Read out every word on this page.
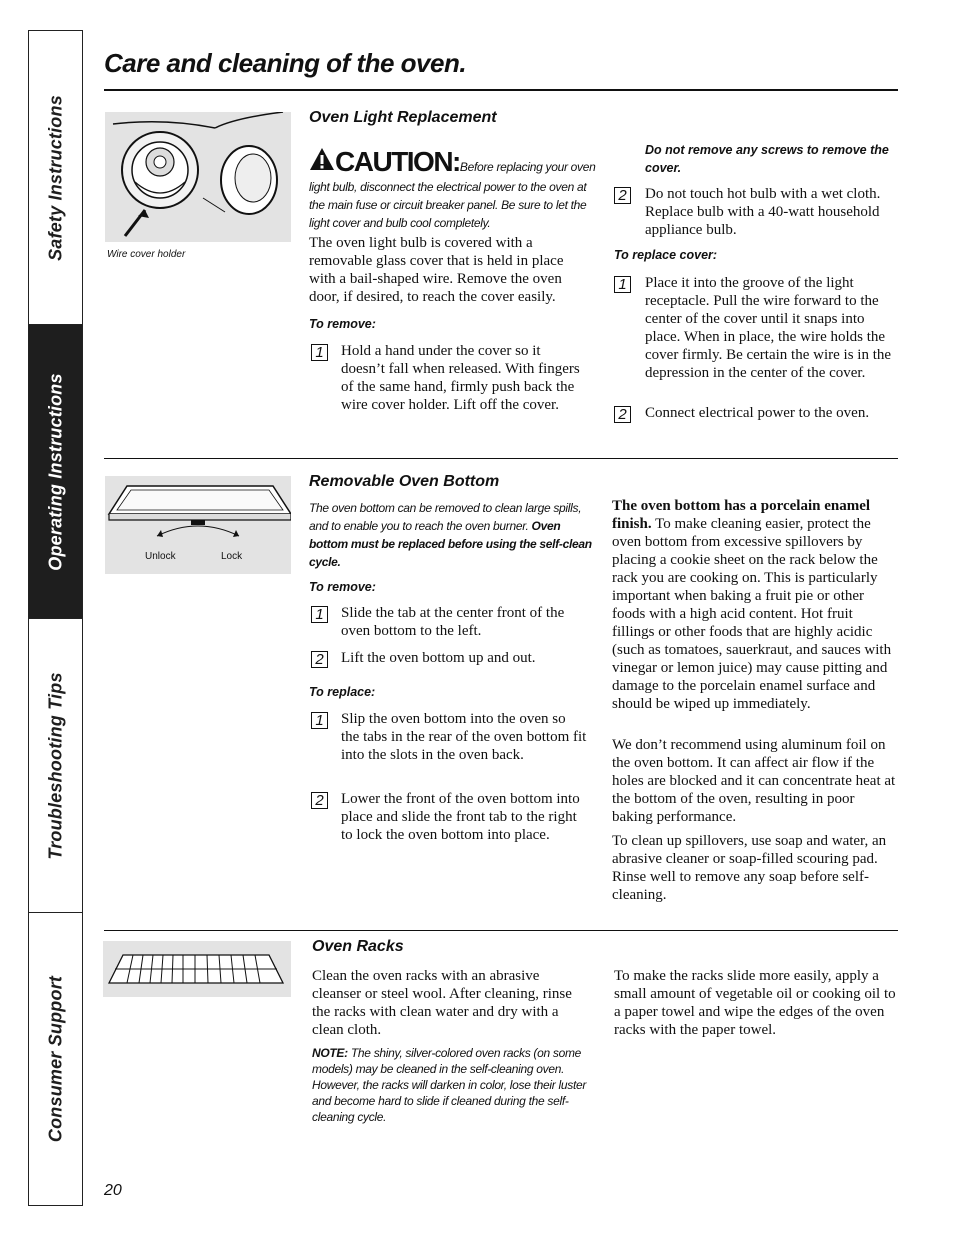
Safety Instructions
Operating Instructions
Troubleshooting Tips
Consumer Support
Care and cleaning of the oven.
Wire cover holder
Oven Light Replacement
CAUTION:Before replacing your oven light bulb, disconnect the electrical power to the oven at the main fuse or circuit breaker panel. Be sure to let the light cover and bulb cool completely.
The oven light bulb is covered with a removable glass cover that is held in place with a bail-shaped wire. Remove the oven door, if desired, to reach the cover easily.
To remove:
1 Hold a hand under the cover so it doesn’t fall when released. With fingers of the same hand, firmly push back the wire cover holder. Lift off the cover.
Do not remove any screws to remove the cover.
2 Do not touch hot bulb with a wet cloth. Replace bulb with a 40-watt household appliance bulb.
To replace cover:
1 Place it into the groove of the light receptacle. Pull the wire forward to the center of the cover until it snaps into place. When in place, the wire holds the cover firmly. Be certain the wire is in the depression in the center of the cover.
2 Connect electrical power to the oven.
Unlock	Lock
Removable Oven Bottom
The oven bottom can be removed to clean large spills, and to enable you to reach the oven burner. Oven bottom must be replaced before using the self-clean cycle.
To remove:
1 Slide the tab at the center front of the oven bottom to the left.
2 Lift the oven bottom up and out.
To replace:
1 Slip the oven bottom into the oven so the tabs in the rear of the oven bottom fit into the slots in the oven back.
2 Lower the front of the oven bottom into place and slide the front tab to the right to lock the oven bottom into place.
The oven bottom has a porcelain enamel finish. To make cleaning easier, protect the oven bottom from excessive spillovers by placing a cookie sheet on the rack below the rack you are cooking on. This is particularly important when baking a fruit pie or other foods with a high acid content. Hot fruit fillings or other foods that are highly acidic (such as tomatoes, sauerkraut, and sauces with vinegar or lemon juice) may cause pitting and damage to the porcelain enamel surface and should be wiped up immediately.
We don’t recommend using aluminum foil on the oven bottom. It can affect air flow if the holes are blocked and it can concentrate heat at the bottom of the oven, resulting in poor baking performance.
To clean up spillovers, use soap and water, an abrasive cleaner or soap-filled scouring pad. Rinse well to remove any soap before self-cleaning.
Oven Racks
Clean the oven racks with an abrasive cleanser or steel wool. After cleaning, rinse the racks with clean water and dry with a clean cloth.
NOTE: The shiny, silver-colored oven racks (on some models) may be cleaned in the self-cleaning oven. However, the racks will darken in color, lose their luster and become hard to slide if cleaned during the self-cleaning cycle.
To make the racks slide more easily, apply a small amount of vegetable oil or cooking oil to a paper towel and wipe the edges of the oven racks with the paper towel.
20
